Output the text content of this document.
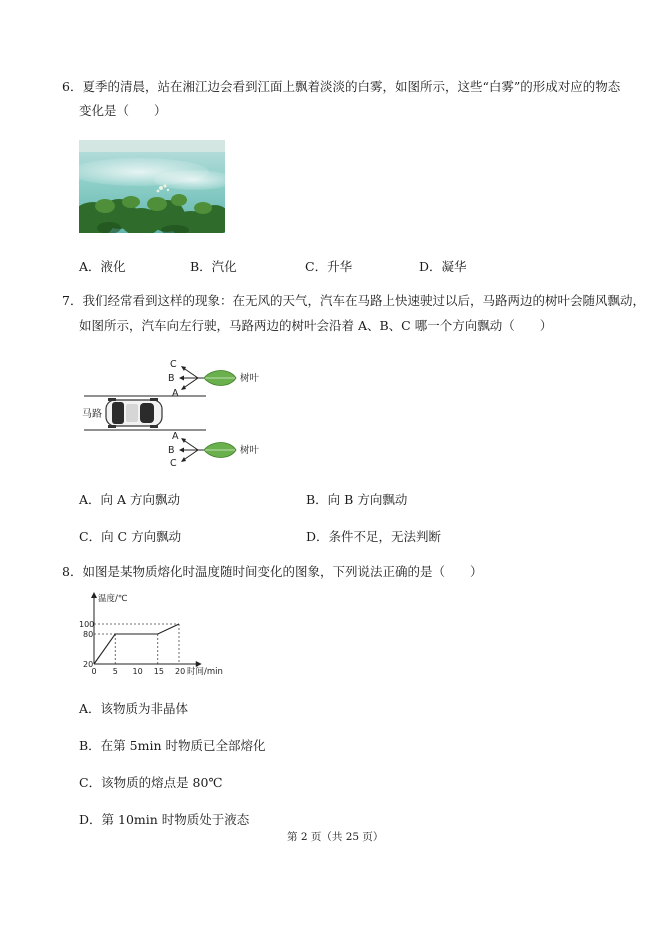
6．夏季的清晨，站在湘江边会看到江面上飘着淡淡的白雾，如图所示，这些“白雾”的形成对应的物态
变化是（　　）
A．液化	B．汽化	C．升华	D．凝华
7．我们经常看到这样的现象：在无风的天气，汽车在马路上快速驶过以后，马路两边的树叶会随风飘动，
如图所示，汽车向左行驶，马路两边的树叶会沿着 A、B、C 哪一个方向飘动（　　）
C
B
A
树叶
马路
A
B
C
树叶
A．向 A 方向飘动	B．向 B 方向飘动
C．向 C 方向飘动	D．条件不足，无法判断
8．如图是某物质熔化时温度随时间变化的图象，下列说法正确的是（　　）
温度/℃
时间/min
0 5 10 15 20
20
80
100
A．该物质为非晶体
B．在第 5min 时物质已全部熔化
C．该物质的熔点是 80℃
D．第 10min 时物质处于液态
第 2 页（共 25 页）
